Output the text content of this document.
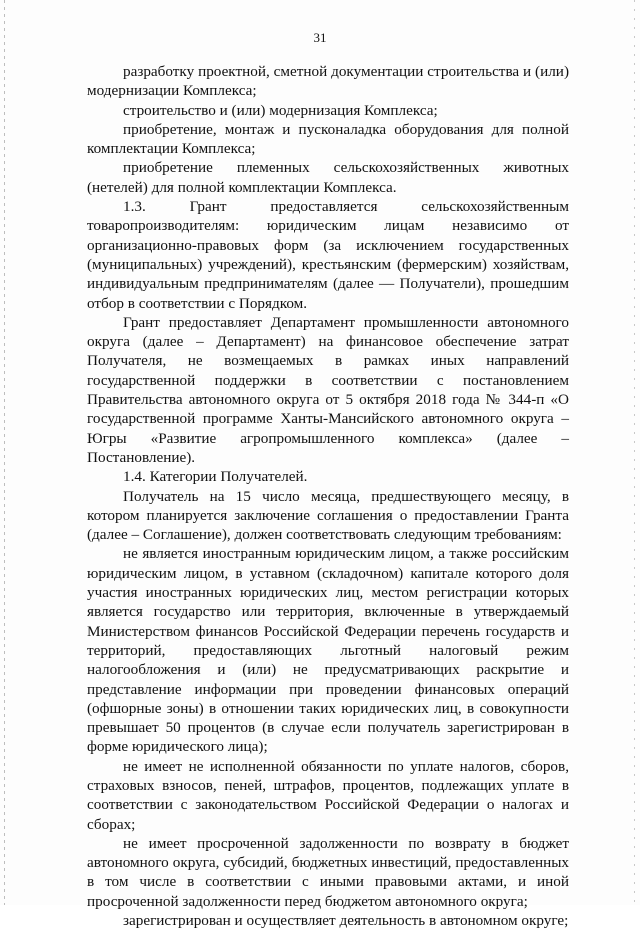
31

разработку проектной, сметной документации строительства и (или) модернизации Комплекса;

строительство и (или) модернизация Комплекса;

приобретение, монтаж и пусконаладка оборудования для полной комплектации Комплекса;

приобретение племенных сельскохозяйственных животных (нетелей) для полной комплектации Комплекса.

1.3. Грант предоставляется сельскохозяйственным товаропроизводителям: юридическим лицам независимо от организационно-правовых форм (за исключением государственных (муниципальных) учреждений), крестьянским (фермерским) хозяйствам, индивидуальным предпринимателям (далее — Получатели), прошедшим отбор в соответствии с Порядком.

Грант предоставляет Департамент промышленности автономного округа (далее – Департамент) на финансовое обеспечение затрат Получателя, не возмещаемых в рамках иных направлений государственной поддержки в соответствии с постановлением Правительства автономного округа от 5 октября 2018 года № 344-п «О государственной программе Ханты-Мансийского автономного округа – Югры «Развитие агропромышленного комплекса» (далее – Постановление).

1.4. Категории Получателей.

Получатель на 15 число месяца, предшествующего месяцу, в котором планируется заключение соглашения о предоставлении Гранта (далее – Соглашение), должен соответствовать следующим требованиям:

не является иностранным юридическим лицом, а также российским юридическим лицом, в уставном (складочном) капитале которого доля участия иностранных юридических лиц, местом регистрации которых является государство или территория, включенные в утверждаемый Министерством финансов Российской Федерации перечень государств и территорий, предоставляющих льготный налоговый режим налогообложения и (или) не предусматривающих раскрытие и представление информации при проведении финансовых операций (офшорные зоны) в отношении таких юридических лиц, в совокупности превышает 50 процентов (в случае если получатель зарегистрирован в форме юридического лица);

не имеет не исполненной обязанности по уплате налогов, сборов, страховых взносов, пеней, штрафов, процентов, подлежащих уплате в соответствии с законодательством Российской Федерации о налогах и сборах;

не имеет просроченной задолженности по возврату в бюджет автономного округа, субсидий, бюджетных инвестиций, предоставленных в том числе в соответствии с иными правовыми актами, и иной просроченной задолженности перед бюджетом автономного округа;

зарегистрирован и осуществляет деятельность в автономном округе;
